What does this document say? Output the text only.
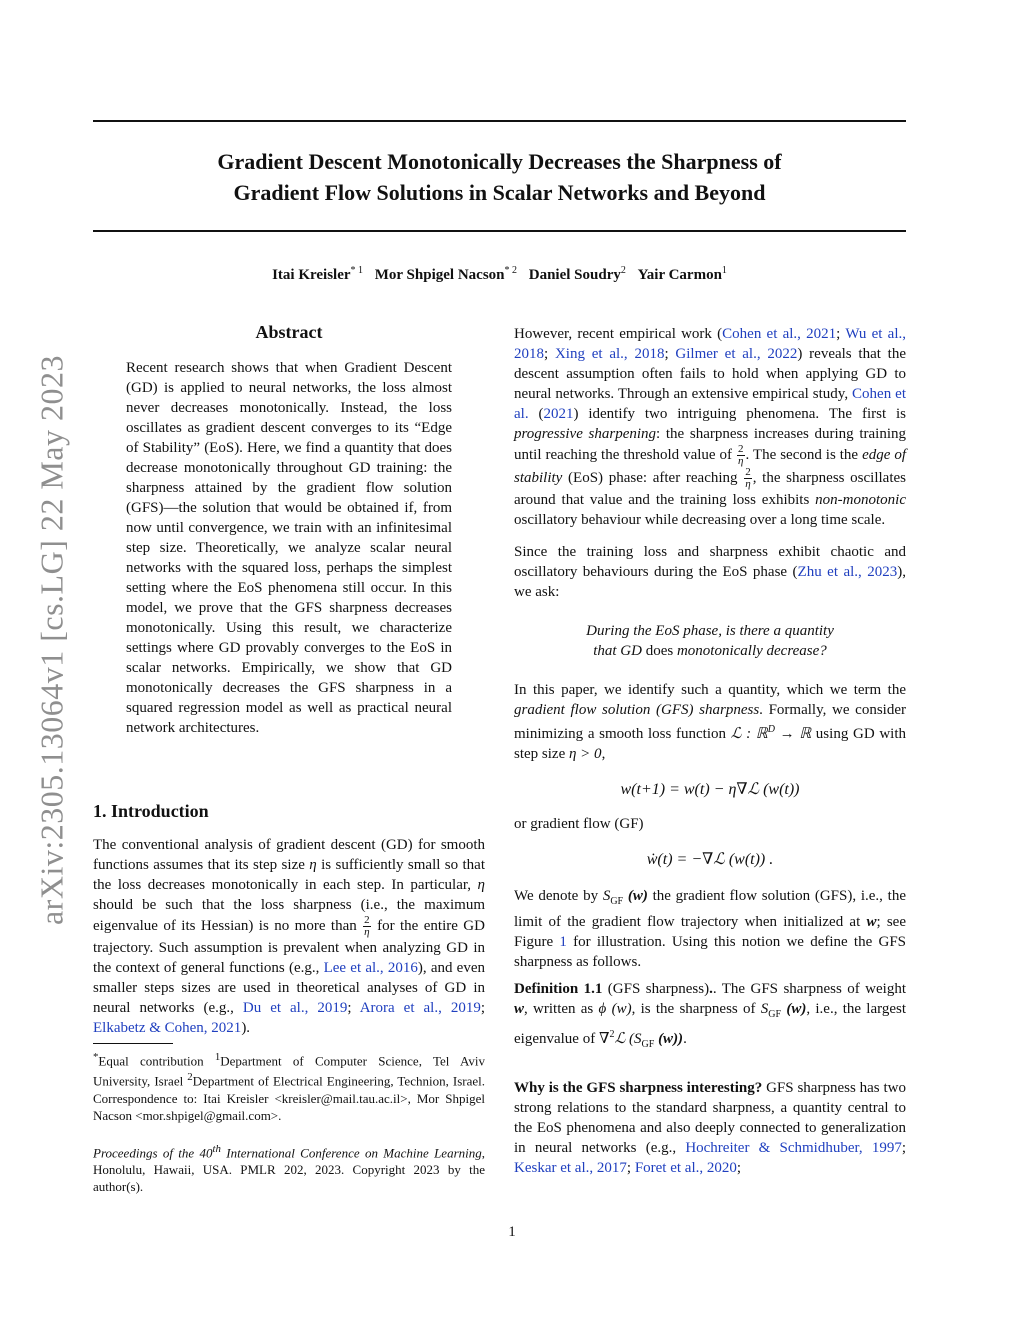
arXiv:2305.13064v1 [cs.LG] 22 May 2023
Gradient Descent Monotonically Decreases the Sharpness of
Gradient Flow Solutions in Scalar Networks and Beyond
Itai Kreisler$^{* 1}$ Mor Shpigel Nacson$^{* 2}$ Daniel Soudry$^2$ Yair Carmon$^1$
Abstract

Recent research shows that when Gradient Descent (GD) is applied to neural networks, the loss almost never decreases monotonically. Instead, the loss oscillates as gradient descent converges to its “Edge of Stability” (EoS). Here, we find a quantity that does decrease monotonically throughout GD training: the sharpness attained by the gradient flow solution (GFS)—the solution that would be obtained if, from now until convergence, we train with an infinitesimal step size. Theoretically, we analyze scalar neural networks with the squared loss, perhaps the simplest setting where the EoS phenomena still occur. In this model, we prove that the GFS sharpness decreases monotonically. Using this result, we characterize settings where GD provably converges to the EoS in scalar networks. Empirically, we show that GD monotonically decreases the GFS sharpness in a squared regression model as well as practical neural network architectures.

1. Introduction

The conventional analysis of gradient descent (GD) for smooth functions assumes that its step size η is sufficiently small so that the loss decreases monotonically in each step. In particular, η should be such that the loss sharpness (i.e., the maximum eigenvalue of its Hessian) is no more than $\frac{2}{\eta}$ for the entire GD trajectory. Such assumption is prevalent when analyzing GD in the context of general functions (e.g., Lee et al., 2016), and even smaller steps sizes are used in theoretical analyses of GD in neural networks (e.g., Du et al., 2019; Arora et al., 2019; Elkabetz & Cohen, 2021).

*Equal contribution $^1$Department of Computer Science, Tel Aviv University, Israel $^2$Department of Electrical Engineering, Technion, Israel. Correspondence to: Itai Kreisler <kreisler@mail.tau.ac.il>, Mor Shpigel Nacson <mor.shpigel@gmail.com>.

Proceedings of the 40th International Conference on Machine Learning, Honolulu, Hawaii, USA. PMLR 202, 2023. Copyright 2023 by the author(s).

However, recent empirical work (Cohen et al., 2021; Wu et al., 2018; Xing et al., 2018; Gilmer et al., 2022) reveals that the descent assumption often fails to hold when applying GD to neural networks. Through an extensive empirical study, Cohen et al. (2021) identify two intriguing phenomena. The first is progressive sharpening: the sharpness increases during training until reaching the threshold value of $\frac{2}{\eta}$ . The second is the edge of stability (EoS) phase: after reaching $\frac{2}{\eta}$ , the sharpness oscillates around that value and the training loss exhibits non-monotonic oscillatory behaviour while decreasing over a long time scale.

Since the training loss and sharpness exhibit chaotic and oscillatory behaviours during the EoS phase (Zhu et al., 2023), we ask:

During the EoS phase, is there a quantity
that GD does monotonically decrease?

In this paper, we identify such a quantity, which we term the gradient flow solution (GFS) sharpness. Formally, we consider minimizing a smooth loss function ℒ : ℝ$^D$ → ℝ using GD with step size η > 0,

w(t+1) = w(t) − η∇ℒ (w(t))

or gradient flow (GF)

ẇ(t) = −∇ℒ (w(t)) .

We denote by $S_{GF}$ (w) the gradient flow solution (GFS), i.e., the limit of the gradient flow trajectory when initialized at w; see Figure 1 for illustration. Using this notion we define the GFS sharpness as follows.

Definition 1.1 (GFS sharpness).. The GFS sharpness of weight w, written as ϕ (w), is the sharpness of $S_{GF}$ (w), i.e., the largest eigenvalue of ∇$^2$ℒ ($S_{GF}$ (w)).

Why is the GFS sharpness interesting? GFS sharpness has two strong relations to the standard sharpness, a quantity central to the EoS phenomena and also deeply connected to generalization in neural networks (e.g., Hochreiter & Schmidhuber, 1997; Keskar et al., 2017; Foret et al., 2020;

1
